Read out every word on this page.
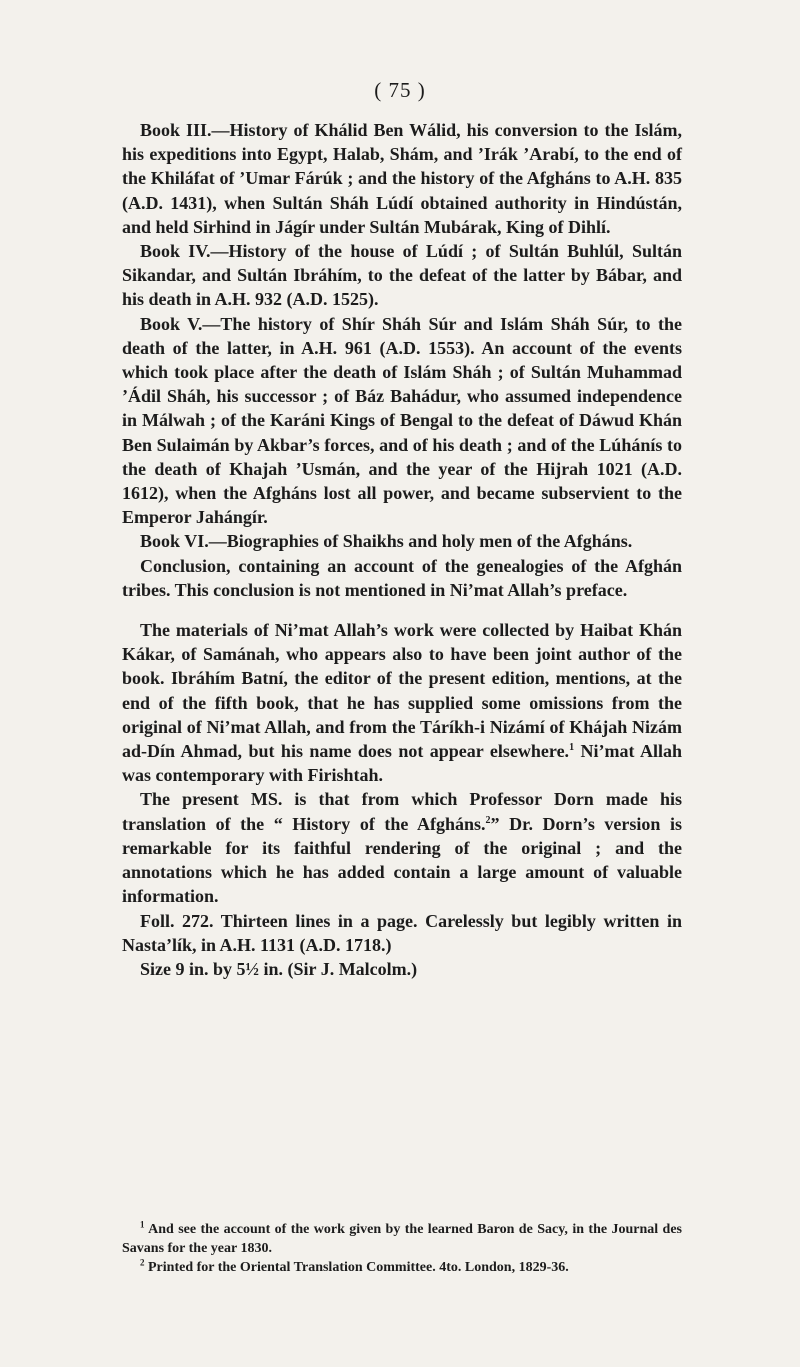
( 75 )

Book III.—History of Khálid Ben Wálid, his conversion to the Islám, his expeditions into Egypt, Halab, Shám, and ’Irák ’Arabí, to the end of the Khiláfat of ’Umar Fárúk ; and the history of the Afgháns to A.H. 835 (A.D. 1431), when Sultán Sháh Lúdí obtained authority in Hindústán, and held Sirhind in Jágír under Sultán Mubárak, King of Dihlí.

Book IV.—History of the house of Lúdí ; of Sultán Buhlúl, Sultán Sikandar, and Sultán Ibráhím, to the defeat of the latter by Bábar, and his death in A.H. 932 (A.D. 1525).

Book V.—The history of Shír Sháh Súr and Islám Sháh Súr, to the death of the latter, in A.H. 961 (A.D. 1553). An account of the events which took place after the death of Islám Sháh ; of Sultán Muhammad ’Ádil Sháh, his successor ; of Báz Bahádur, who assumed independence in Málwah ; of the Karáni Kings of Bengal to the defeat of Dáwud Khán Ben Sulaimán by Akbar’s forces, and of his death ; and of the Lúhánís to the death of Khajah ’Usmán, and the year of the Hijrah 1021 (A.D. 1612), when the Afgháns lost all power, and became subservient to the Emperor Jahángír.

Book VI.—Biographies of Shaikhs and holy men of the Afgháns.

Conclusion, containing an account of the genealogies of the Afghán tribes. This conclusion is not mentioned in Ni’mat Allah’s preface.

The materials of Ni’mat Allah’s work were collected by Haibat Khán Kákar, of Samánah, who appears also to have been joint author of the book. Ibráhím Batní, the editor of the present edition, mentions, at the end of the fifth book, that he has supplied some omissions from the original of Ni’mat Allah, and from the Táríkh-i Nizámí of Khájah Nizám ad-Dín Ahmad, but his name does not appear elsewhere.$^1$ Ni’mat Allah was contemporary with Firishtah.

The present MS. is that from which Professor Dorn made his translation of the “ History of the Afgháns.$^2$” Dr. Dorn’s version is remarkable for its faithful rendering of the original ; and the annotations which he has added contain a large amount of valuable information.

Foll. 272. Thirteen lines in a page. Carelessly but legibly written in Nasta’lík, in A.H. 1131 (A.D. 1718.)

Size 9 in. by 5½ in. (Sir J. Malcolm.)

$^1$ And see the account of the work given by the learned Baron de Sacy, in the Journal des Savans for the year 1830.

$^2$ Printed for the Oriental Translation Committee. 4to. London, 1829-36.
